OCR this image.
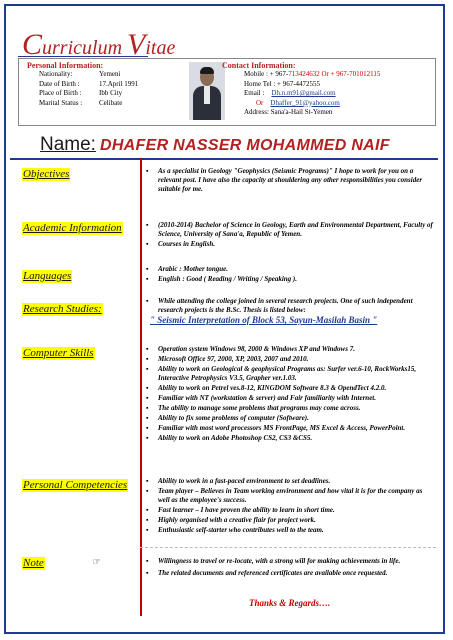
Curriculum Vitae
Personal Information:
Nationality:	Yemeni
Date of Birth :	17.April 1991
Place of Birth :	Ibb City
Marital Status :	Celibate
Contact Information:
Mobile : + 967-713424632 Or + 967-701012115
Home Tel : + 967-4472555
Email : Dh.n.m91@gmail.com
Or Dhaffer_91@yahoo.com
Address: Sana'a-Hail St-Yemen
Name: DHAFER NASSER MOHAMMED NAIF
Objectives	▪ As a specialist in Geology "Geophysics (Seismic Programs)" I hope to work for you on a relevant post. I have also the capacity at shouldering any other responsibilities you consider suitable for me.
Academic Information	▪ (2010-2014) Bachelor of Science in Geology, Earth and Environmental Department, Faculty of Science, University of Sana'a, Republic of Yemen.
▪ Courses in English.
Languages
▪ Arabic : Mother tongue.
▪ English : Good ( Reading / Writing / Speaking ).
Research Studies:
▪ While attending the college joined in several research projects. One of such independent research projects is the B.Sc. Thesis is listed below:
" Seismic Interpretation of Block 53, Sayun-Masilah Basin "
Computer Skills	▪ Operation system Windows 98, 2000 & Windows XP and Windows 7.
▪ Microsoft Office 97, 2000, XP, 2003, 2007 and 2010.
▪ Ability to work on Geological & geophysical Programs as: Surfer ver.6-10, RockWorks15, Interactive Petrophysics V3.5, Grapher ver.1.03.
▪ Ability to work on Petrel ves.8-12, KINGDOM Software 8.3 & OpendTect 4.2.0.
▪ Familiar with NT (workstation & server) and Fair familiarity with Internet.
▪ The ability to manage some problems that programs may come across.
▪ Ability to fix some problems of computer (Software).
▪ Familiar with most word processors MS FrontPage, MS Excel & Access, PowerPoint.
▪ Ability to work on Adobe Photoshop CS2, CS3 &CS5.
Personal Competencies	▪ Ability to work in a fast-paced environment to set deadlines.
▪ Team player – Believes in Team working environment and how vital it is for the company as well as the employee's success.
▪ Fast learner – I have proven the ability to learn in short time.
▪ Highly organised with a creative flair for project work.
▪ Enthusiastic self-starter who contributes well to the team.
Note	☞	▪ Willingness to travel or re-locate, with a strong will for making achievements in life.
▪ The related documents and referenced certificates are available once requested.
Thanks & Regards….
